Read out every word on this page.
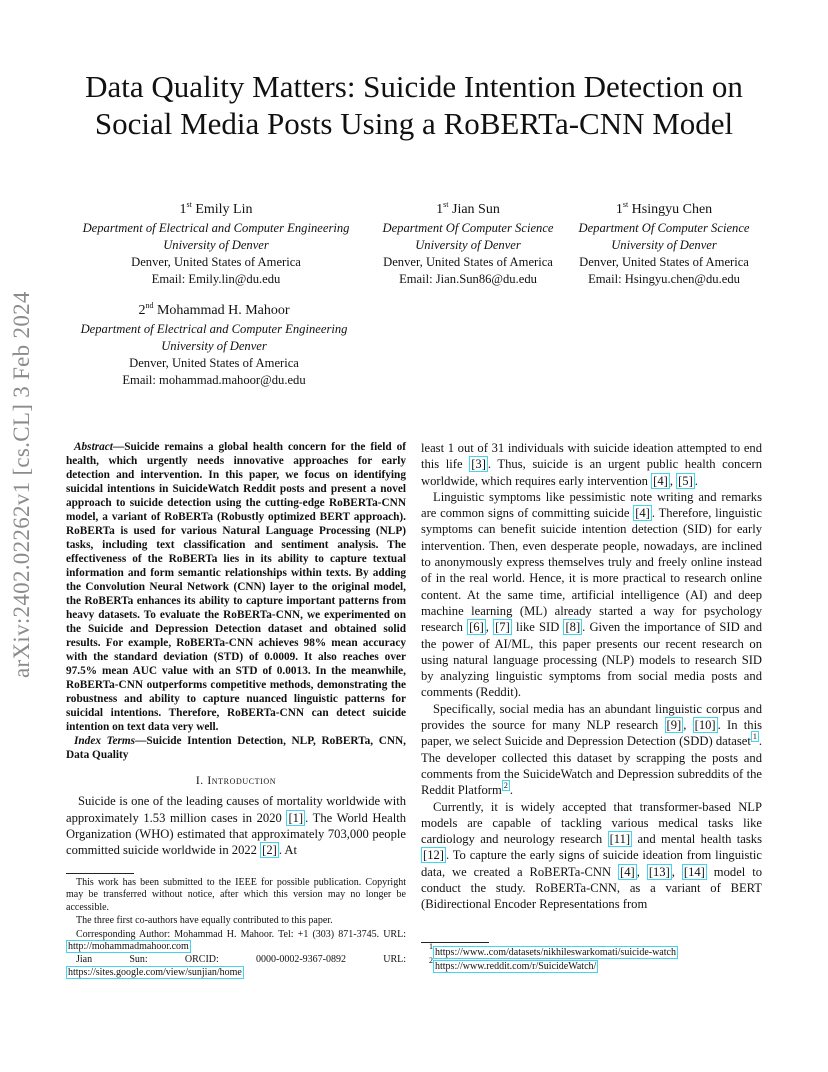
arXiv:2402.02262v1 [cs.CL] 3 Feb 2024
Data Quality Matters: Suicide Intention Detection on Social Media Posts Using a RoBERTa-CNN Model
1st Emily Lin
Department of Electrical and Computer Engineering
University of Denver
Denver, United States of America
Email: Emily.lin@du.edu
1st Jian Sun
Department Of Computer Science
University of Denver
Denver, United States of America
Email: Jian.Sun86@du.edu
1st Hsingyu Chen
Department Of Computer Science
University of Denver
Denver, United States of America
Email: Hsingyu.chen@du.edu
2nd Mohammad H. Mahoor
Department of Electrical and Computer Engineering
University of Denver
Denver, United States of America
Email: mohammad.mahoor@du.edu

Abstract—Suicide remains a global health concern for the field of health, which urgently needs innovative approaches for early detection and intervention. In this paper, we focus on identifying suicidal intentions in SuicideWatch Reddit posts and present a novel approach to suicide detection using the cutting-edge RoBERTa-CNN model, a variant of RoBERTa (Robustly optimized BERT approach). RoBERTa is used for various Natural Language Processing (NLP) tasks, including text classification and sentiment analysis. The effectiveness of the RoBERTa lies in its ability to capture textual information and form semantic relationships within texts. By adding the Convolution Neural Network (CNN) layer to the original model, the RoBERTa enhances its ability to capture important patterns from heavy datasets. To evaluate the RoBERTa-CNN, we experimented on the Suicide and Depression Detection dataset and obtained solid results. For example, RoBERTa-CNN achieves 98% mean accuracy with the standard deviation (STD) of 0.0009. It also reaches over 97.5% mean AUC value with an STD of 0.0013. In the meanwhile, RoBERTa-CNN outperforms competitive methods, demonstrating the robustness and ability to capture nuanced linguistic patterns for suicidal intentions. Therefore, RoBERTa-CNN can detect suicide intention on text data very well.

Index Terms—Suicide Intention Detection, NLP, RoBERTa, CNN, Data Quality

I. Introduction

Suicide is one of the leading causes of mortality worldwide with approximately 1.53 million cases in 2020 [1] . The World Health Organization (WHO) estimated that approximately 703,000 people committed suicide worldwide in 2022 [2] . At

This work has been submitted to the IEEE for possible publication. Copyright may be transferred without notice, after which this version may no longer be accessible.

The three first co-authors have equally contributed to this paper.

Corresponding Author: Mohammad H. Mahoor. Tel: +1 (303) 871-3745. URL: http://mohammadmahoor.com

Jian Sun: ORCID: 0000-0002-9367-0892 URL: https://sites.google.com/view/sunjian/home

least 1 out of 31 individuals with suicide ideation attempted to end this life [3] . Thus, suicide is an urgent public health concern worldwide, which requires early intervention [4] , [5] .

Linguistic symptoms like pessimistic note writing and remarks are common signs of committing suicide [4] . Therefore, linguistic symptoms can benefit suicide intention detection (SID) for early intervention. Then, even desperate people, nowadays, are inclined to anonymously express themselves truly and freely online instead of in the real world. Hence, it is more practical to research online content. At the same time, artificial intelligence (AI) and deep machine learning (ML) already started a way for psychology research [6] , [7] like SID [8] . Given the importance of SID and the power of AI/ML, this paper presents our recent research on using natural language processing (NLP) models to research SID by analyzing linguistic symptoms from social media posts and comments (Reddit).

Specifically, social media has an abundant linguistic corpus and provides the source for many NLP research [9] , [10] . In this paper, we select Suicide and Depression Detection (SDD) dataset $^1$ . The developer collected this dataset by scrapping the posts and comments from the SuicideWatch and Depression subreddits of the Reddit Platform $^2$ .

Currently, it is widely accepted that transformer-based NLP models are capable of tackling various medical tasks like cardiology and neurology research [11] and mental health tasks [12] . To capture the early signs of suicide ideation from linguistic data, we created a RoBERTa-CNN [4] , [13] , [14] model to conduct the study. RoBERTa-CNN, as a variant of BERT (Bidirectional Encoder Representations from

$^1$https://www..com/datasets/nikhileswarkomati/suicide-watch

$^2$https://www.reddit.com/r/SuicideWatch/
